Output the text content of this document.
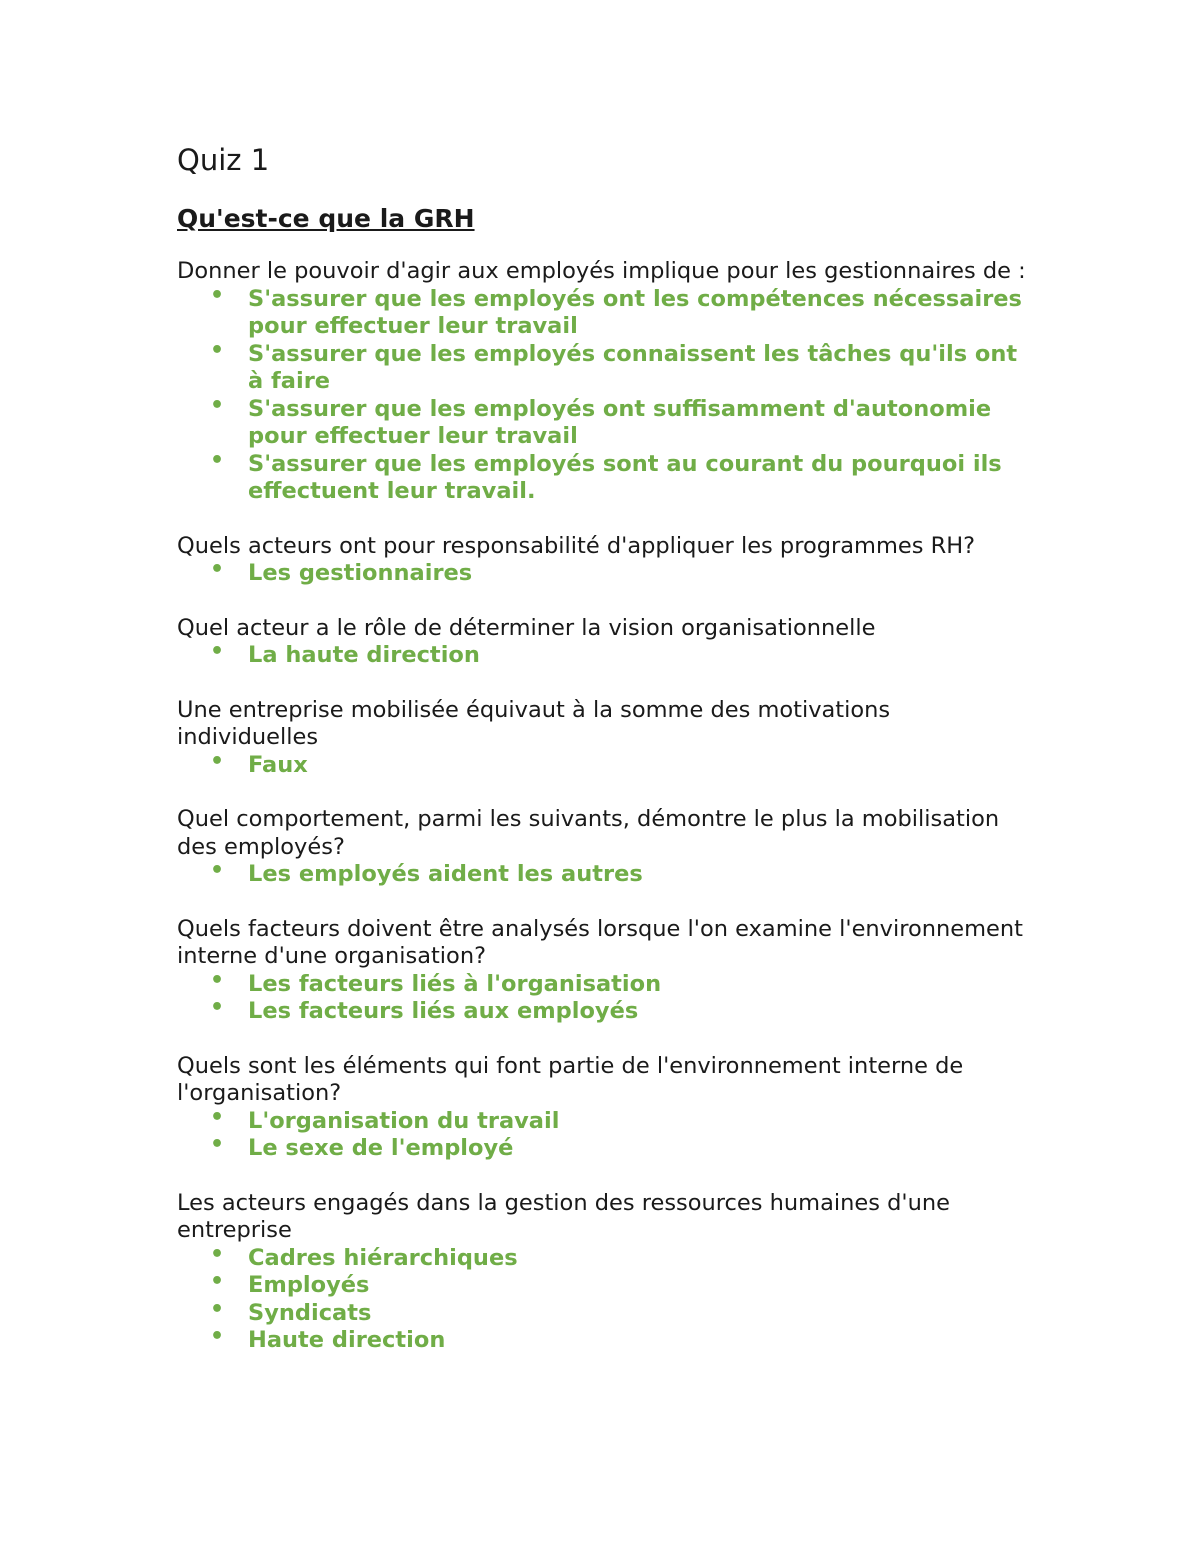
Quiz 1
Qu'est-ce que la GRH

Donner le pouvoir d'agir aux employés implique pour les gestionnaires de :

• S'assurer que les employés ont les compétences nécessaires pour effectuer leur travail
• S'assurer que les employés connaissent les tâches qu'ils ont à faire
• S'assurer que les employés ont suffisamment d'autonomie pour effectuer leur travail
• S'assurer que les employés sont au courant du pourquoi ils effectuent leur travail.

Quels acteurs ont pour responsabilité d'appliquer les programmes RH?

• Les gestionnaires

Quel acteur a le rôle de déterminer la vision organisationnelle

• La haute direction

Une entreprise mobilisée équivaut à la somme des motivations individuelles

• Faux

Quel comportement, parmi les suivants, démontre le plus la mobilisation des employés?

• Les employés aident les autres

Quels facteurs doivent être analysés lorsque l'on examine l'environnement interne d'une organisation?

• Les facteurs liés à l'organisation
• Les facteurs liés aux employés

Quels sont les éléments qui font partie de l'environnement interne de l'organisation?

• L'organisation du travail
• Le sexe de l'employé

Les acteurs engagés dans la gestion des ressources humaines d'une entreprise

• Cadres hiérarchiques
• Employés
• Syndicats
• Haute direction
